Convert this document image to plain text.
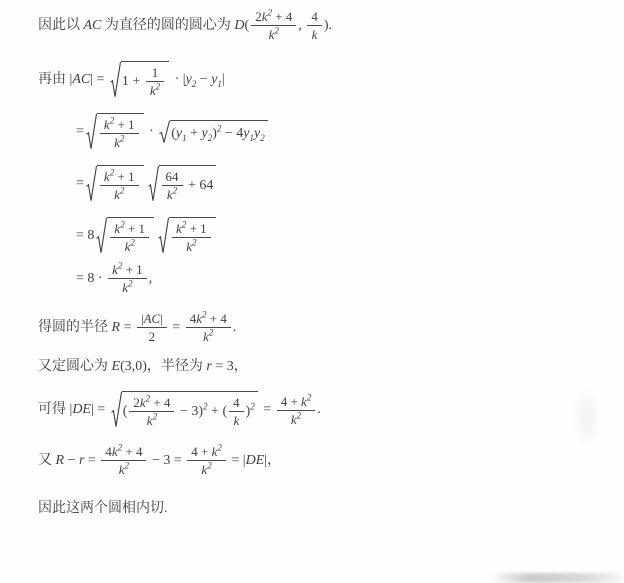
因此以 AC 为直径的圆的圆心为 D ( $\frac{2k^2 + 4}{k^2}$ , $\frac{4}{k}$ ).
再由 | AC | = $1 + \frac{1}{k^2}$ · | $y_2 - y_1$ |
= $\frac{k^2 + 1}{k^2}$ · ( $y_1 + y_2$ )$^2$ − 4 $y_1$ $y_2$
= $\frac{k^2 + 1}{k^2} \frac{64}{k^2} + 64$
= $8 \frac{k^2 + 1}{k^2} \frac{k^2 + 1}{k^2}$
= $8 \cdot \frac{k^2 + 1}{k^2}$ ,
得圆的半径 $R = \frac{|AC|}{2} = \frac{4k^2 + 4}{k^2}$ .
又定圆心为 E (3,0)，半径为 r = 3，
可得 | DE | = ( $\frac{2k^2 + 4}{k^2} - 3)^2$ + ( $\frac{4}{k} )^2 = \frac{4 + k^2}{k^2}$ .
又 $R - r = \frac{4k^2 + 4}{k^2} - 3 = \frac{4 + k^2}{k^2}$ = | DE |，
因此这两个圆相内切.
